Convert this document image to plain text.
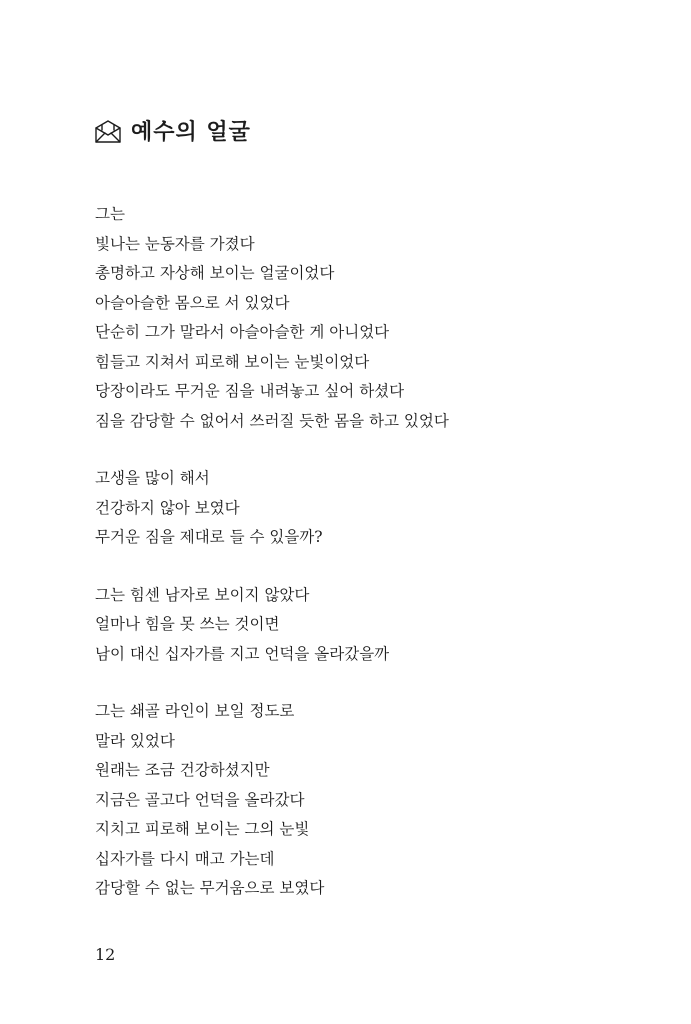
예수의 얼굴
그는
빛나는 눈동자를 가졌다
총명하고 자상해 보이는 얼굴이었다
아슬아슬한 몸으로 서 있었다
단순히 그가 말라서 아슬아슬한 게 아니었다
힘들고 지쳐서 피로해 보이는 눈빛이었다
당장이라도 무거운 짐을 내려놓고 싶어 하셨다
짐을 감당할 수 없어서 쓰러질 듯한 몸을 하고 있었다
고생을 많이 해서
건강하지 않아 보였다
무거운 짐을 제대로 들 수 있을까?
그는 힘센 남자로 보이지 않았다
얼마나 힘을 못 쓰는 것이면
남이 대신 십자가를 지고 언덕을 올라갔을까
그는 쇄골 라인이 보일 정도로
말라 있었다
원래는 조금 건강하셨지만
지금은 골고다 언덕을 올라갔다
지치고 피로해 보이는 그의 눈빛
십자가를 다시 매고 가는데
감당할 수 없는 무거움으로 보였다
12
